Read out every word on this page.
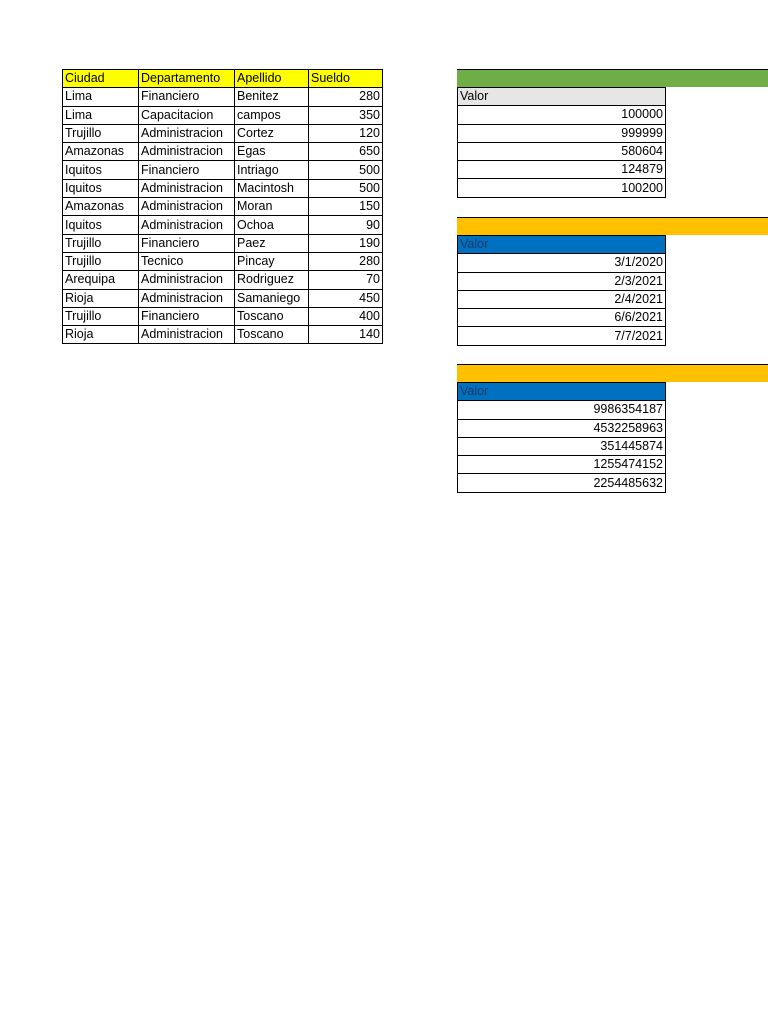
Ciudad	Departamento	Apellido	Sueldo
Lima	Financiero	Benitez	280
Lima	Capacitacion	campos	350
Trujillo	Administracion	Cortez	120
Amazonas	Administracion	Egas	650
Iquitos	Financiero	Intriago	500
Iquitos	Administracion	Macintosh	500
Amazonas	Administracion	Moran	150
Iquitos	Administracion	Ochoa	90
Trujillo	Financiero	Paez	190
Trujillo	Tecnico	Pincay	280
Arequipa	Administracion	Rodriguez	70
Rioja	Administracion	Samaniego	450
Trujillo	Financiero	Toscano	400
Rioja	Administracion	Toscano	140
Valor
100000
999999
580604
124879
100200
Valor
3/1/2020
2/3/2021
2/4/2021
6/6/2021
7/7/2021
Valor
9986354187
4532258963
351445874
1255474152
2254485632
